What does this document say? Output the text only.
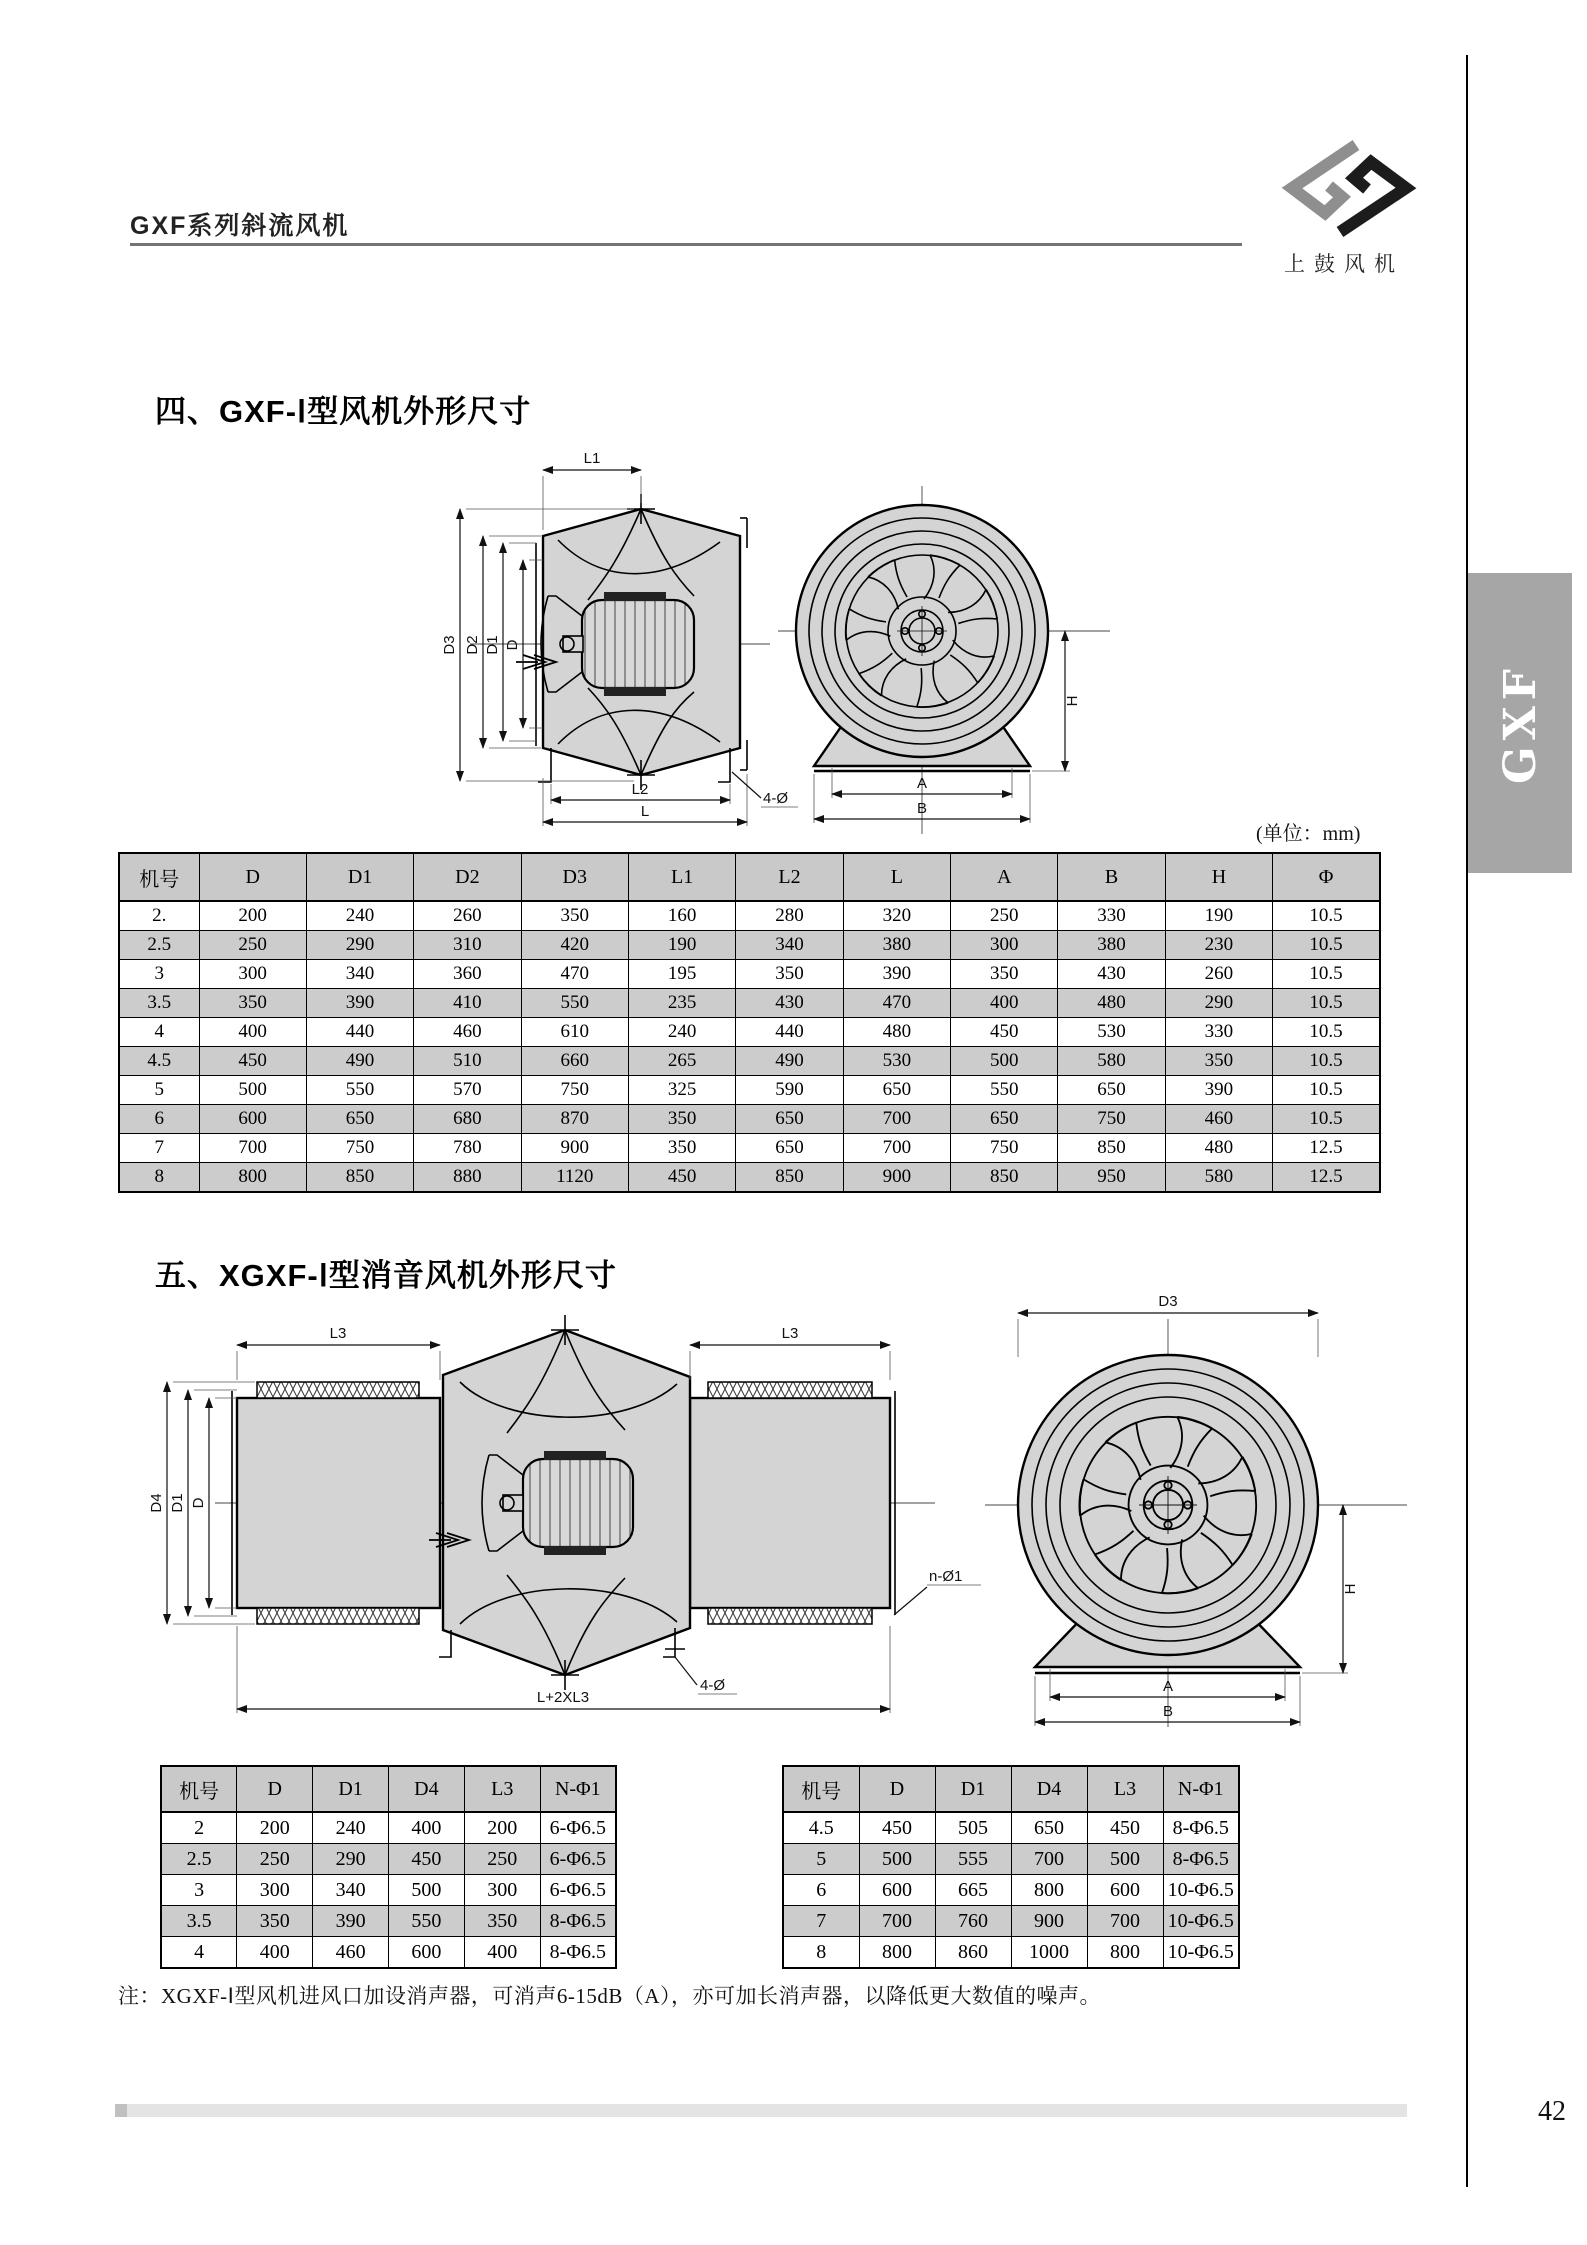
GXF系列斜流风机
上鼓风机
GXF
四、GXF-Ⅰ型风机外形尺寸
L1
D3 D2 D1 D
L2
L
4-Ø
H
A
B
(单位：mm)
机号	D	D1	D2	D3	L1	L2	L	A	B	H	Φ
2.	200	240	260	350	160	280	320	250	330	190	10.5
2.5	250	290	310	420	190	340	380	300	380	230	10.5
3	300	340	360	470	195	350	390	350	430	260	10.5
3.5	350	390	410	550	235	430	470	400	480	290	10.5
4	400	440	460	610	240	440	480	450	530	330	10.5
4.5	450	490	510	660	265	490	530	500	580	350	10.5
5	500	550	570	750	325	590	650	550	650	390	10.5
6	600	650	680	870	350	650	700	650	750	460	10.5
7	700	750	780	900	350	650	700	750	850	480	12.5
8	800	850	880	1120	450	850	900	850	950	580	12.5
五、XGXF-Ⅰ型消音风机外形尺寸
L3	L3
D4 D1 D
n-Ø1
4-Ø
L+2XL3
D3
H
A
B
机号	D	D1	D4	L3	N-Φ1
2	200	240	400	200	6-Φ6.5
2.5	250	290	450	250	6-Φ6.5
3	300	340	500	300	6-Φ6.5
3.5	350	390	550	350	8-Φ6.5
4	400	460	600	400	8-Φ6.5
机号	D	D1	D4	L3	N-Φ1
4.5	450	505	650	450	8-Φ6.5
5	500	555	700	500	8-Φ6.5
6	600	665	800	600	10-Φ6.5
7	700	760	900	700	10-Φ6.5
8	800	860	1000	800	10-Φ6.5
注：XGXF-Ⅰ型风机进风口加设消声器，可消声6-15dB（A），亦可加长消声器，以降低更大数值的噪声。
42
